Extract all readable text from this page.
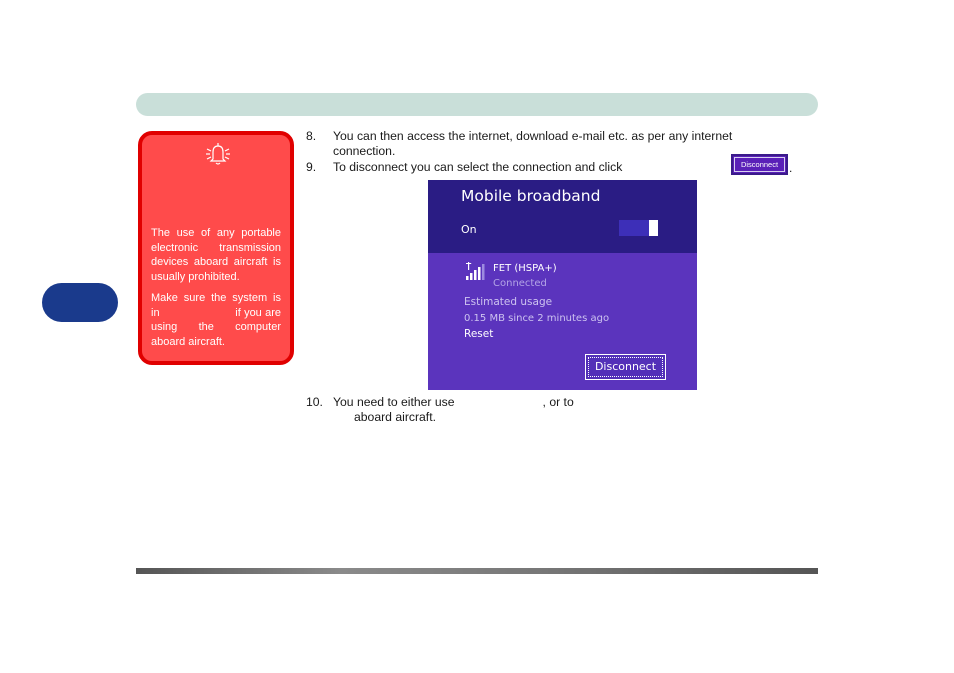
The use of any portable electronic transmission devices aboard aircraft is usually prohibited.

Make sure the system is in                       if you are using the computer aboard aircraft.

8. You can then access the internet, download e-mail etc. as per any internet
connection.
9. To disconnect you can select the connection and click	Disconnect .
Mobile broadband
On
FET (HSPA+)
Connected
Estimated usage
0.15 MB since 2 minutes ago
Reset
Disconnect
10. You need to either use                          , or to
aboard aircraft.
